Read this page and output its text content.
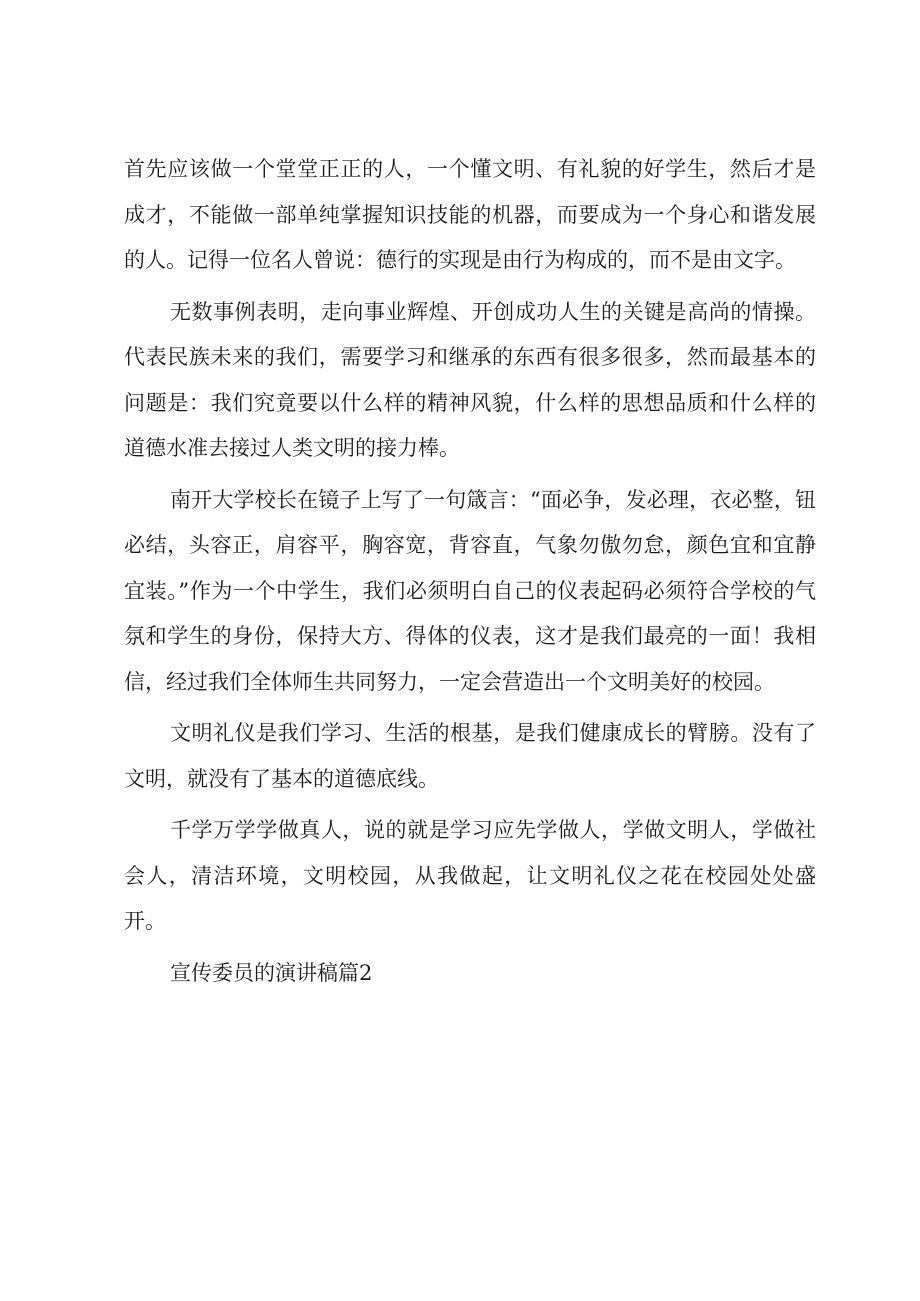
首先应该做一个堂堂正正的人，一个懂文明、有礼貌的好学生，然后才是成才，不能做一部单纯掌握知识技能的机器，而要成为一个身心和谐发展的人。记得一位名人曾说：德行的实现是由行为构成的，而不是由文字。

无数事例表明，走向事业辉煌、开创成功人生的关键是高尚的情操。代表民族未来的我们，需要学习和继承的东西有很多很多，然而最基本的问题是：我们究竟要以什么样的精神风貌，什么样的思想品质和什么样的道德水准去接过人类文明的接力棒。

南开大学校长在镜子上写了一句箴言：“面必争，发必理，衣必整，钮必结，头容正，肩容平，胸容宽，背容直，气象勿傲勿怠，颜色宜和宜静宜装。”作为一个中学生，我们必须明白自己的仪表起码必须符合学校的气氛和学生的身份，保持大方、得体的仪表，这才是我们最亮的一面！我相信，经过我们全体师生共同努力，一定会营造出一个文明美好的校园。

文明礼仪是我们学习、生活的根基，是我们健康成长的臂膀。没有了文明，就没有了基本的道德底线。

千学万学学做真人，说的就是学习应先学做人，学做文明人，学做社会人，清洁环境，文明校园，从我做起，让文明礼仪之花在校园处处盛开。

宣传委员的演讲稿篇2
